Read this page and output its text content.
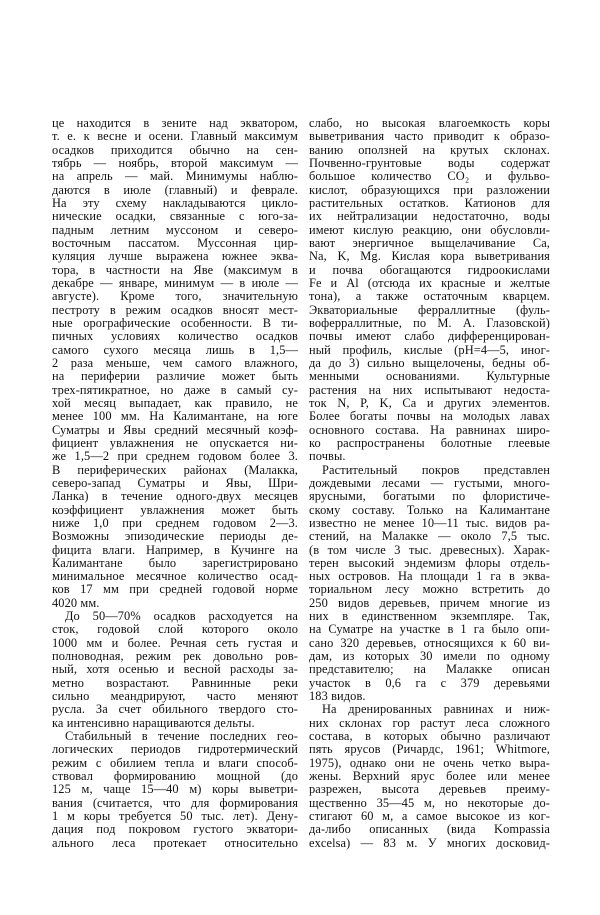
це находится в зените над экватором,
т. е. к весне и осени. Главный максимум
осадков приходится обычно на сен-
тябрь — ноябрь, второй максимум —
на апрель — май. Минимумы наблю-
даются в июле (главный) и феврале.
На эту схему накладываются цикло-
нические осадки, связанные с юго-за-
падным летним муссоном и северо-
восточным пассатом. Муссонная цир-
куляция лучше выражена южнее эква-
тора, в частности на Яве (максимум в
декабре — январе, минимум — в июле —
августе). Кроме того, значительную
пестроту в режим осадков вносят мест-
ные орографические особенности. В ти-
пичных условиях количество осадков
самого сухого месяца лишь в 1,5—
2 раза меньше, чем самого влажного,
на периферии различие может быть
трех-пятикратное, но даже в самый су-
хой месяц выпадает, как правило, не
менее 100 мм. На Калимантане, на юге
Суматры и Явы средний месячный коэф-
фициент увлажнения не опускается ни-
же 1,5—2 при среднем годовом более 3.
В периферических районах (Малакка,
северо-запад Суматры и Явы, Шри-
Ланка) в течение одного-двух месяцев
коэффициент увлажнения может быть
ниже 1,0 при среднем годовом 2—3.
Возможны эпизодические периоды де-
фицита влаги. Например, в Кучинге на
Калимантане было зарегистрировано
минимальное месячное количество осад-
ков 17 мм при средней годовой норме
4020 мм.
До 50—70% осадков расходуется на
сток, годовой слой которого около
1000 мм и более. Речная сеть густая и
полноводная, режим рек довольно ров-
ный, хотя осенью и весной расходы за-
метно возрастают. Равнинные реки
сильно меандрируют, часто меняют
русла. За счет обильного твердого сто-
ка интенсивно наращиваются дельты.
Стабильный в течение последних гео-
логических периодов гидротермический
режим с обилием тепла и влаги способ-
ствовал формированию мощной (до
125 м, чаще 15—40 м) коры выветри-
вания (считается, что для формирования
1 м коры требуется 50 тыс. лет). Дену-
дация под покровом густого экватори-
ального леса протекает относительно
слабо, но высокая влагоемкость коры
выветривания часто приводит к образо-
ванию оползней на крутых склонах.
Почвенно-грунтовые воды содержат
большое количество CO₂ и фульво-
кислот, образующихся при разложении
растительных остатков. Катионов для
их нейтрализации недостаточно, воды
имеют кислую реакцию, они обусловли-
вают энергичное выщелачивание Ca,
Na, K, Mg. Кислая кора выветривания
и почва обогащаются гидроокислами
Fe и Al (отсюда их красные и желтые
тона), а также остаточным кварцем.
Экваториальные ферраллитные (фуль-
воферраллитные, по М. А. Глазовской)
почвы имеют слабо дифференцирован-
ный профиль, кислые (pH=4—5, иног-
да до 3) сильно выщелочены, бедны об-
менными основаниями. Культурные
растения на них испытывают недоста-
ток N, P, K, Ca и других элементов.
Более богаты почвы на молодых лавах
основного состава. На равнинах широ-
ко распространены болотные глеевые
почвы.
Растительный покров представлен
дождевыми лесами — густыми, много-
ярусными, богатыми по флористиче-
скому составу. Только на Калимантане
известно не менее 10—11 тыс. видов ра-
стений, на Малакке — около 7,5 тыс.
(в том числе 3 тыс. древесных). Харак-
терен высокий эндемизм флоры отдель-
ных островов. На площади 1 га в эква-
ториальном лесу можно встретить до
250 видов деревьев, причем многие из
них в единственном экземпляре. Так,
на Суматре на участке в 1 га было опи-
сано 320 деревьев, относящихся к 60 ви-
дам, из которых 30 имели по одному
представителю; на Малакке описан
участок в 0,6 га с 379 деревьями
183 видов.
На дренированных равнинах и ниж-
них склонах гор растут леса сложного
состава, в которых обычно различают
пять ярусов (Ричардс, 1961; Whitmore,
1975), однако они не очень четко выра-
жены. Верхний ярус более или менее
разрежен, высота деревьев преиму-
щественно 35—45 м, но некоторые до-
стигают 60 м, а самое высокое из ког-
да-либо описанных (вида Kompassia
excelsa) — 83 м. У многих досковид-
